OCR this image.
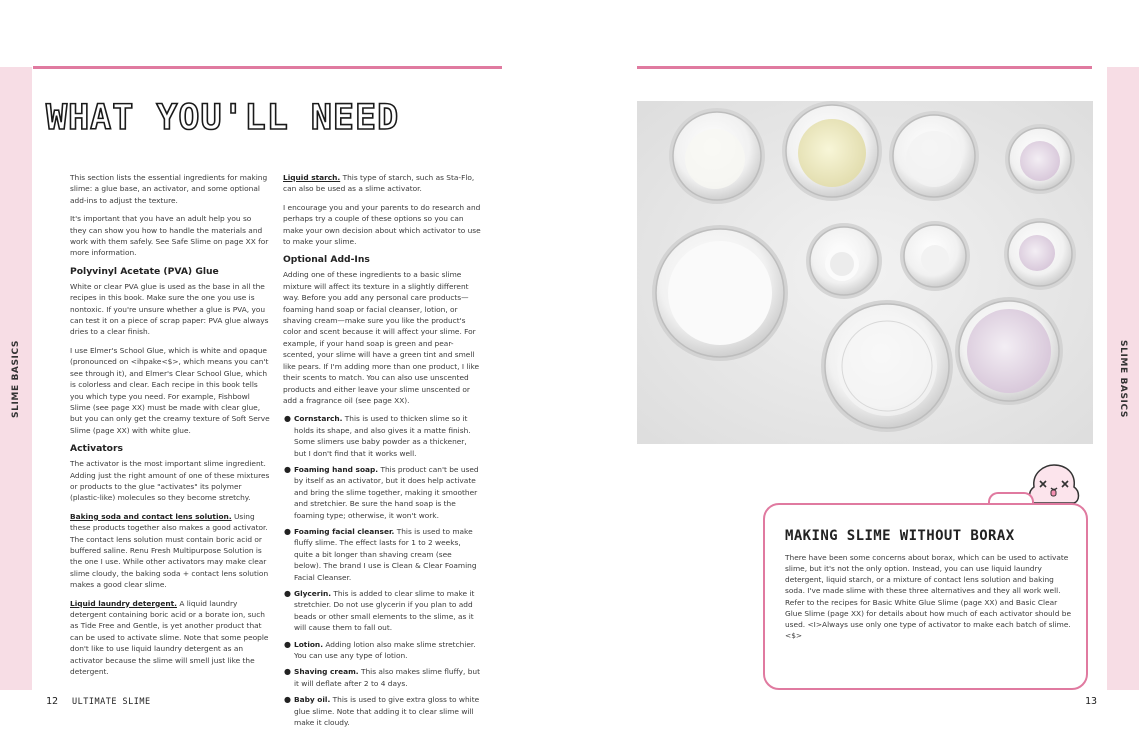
SLIME BASICS	SLIME BASICS
WHAT YOU'LL NEED

This section lists the essential ingredients for making slime: a glue base, an activator, and some optional add-ins to adjust the texture.

It's important that you have an adult help you so they can show you how to handle the materials and work with them safely. See Safe Slime on page XX for more information.

Polyvinyl Acetate (PVA) Glue

White or clear PVA glue is used as the base in all the recipes in this book. Make sure the one you use is nontoxic. If you're unsure whether a glue is PVA, you can test it on a piece of scrap paper: PVA glue always dries to a clear finish.

I use Elmer's School Glue, which is white and opaque (pronounced on <ihpake<$>, which means you can't see through it), and Elmer's Clear School Glue, which is colorless and clear. Each recipe in this book tells you which type you need. For example, Fishbowl Slime (see page XX) must be made with clear glue, but you can only get the creamy texture of Soft Serve Slime (page XX) with white glue.

Activators

The activator is the most important slime ingredient. Adding just the right amount of one of these mixtures or products to the glue "activates" its polymer (plastic-like) molecules so they become stretchy.

Baking soda and contact lens solution. Using these products together also makes a good activator. The contact lens solution must contain boric acid or buffered saline. Renu Fresh Multipurpose Solution is the one I use. While other activators may make clear slime cloudy, the baking soda + contact lens solution makes a good clear slime.

Liquid laundry detergent. A liquid laundry detergent containing boric acid or a borate ion, such as Tide Free and Gentle, is yet another product that can be used to activate slime. Note that some people don't like to use liquid laundry detergent as an activator because the slime will smell just like the detergent.

Liquid starch. This type of starch, such as Sta-Flo, can also be used as a slime activator.

I encourage you and your parents to do research and perhaps try a couple of these options so you can make your own decision about which activator to use to make your slime.

Optional Add-Ins

Adding one of these ingredients to a basic slime mixture will affect its texture in a slightly different way. Before you add any personal care products—foaming hand soap or facial cleanser, lotion, or shaving cream—make sure you like the product's color and scent because it will affect your slime. For example, if your hand soap is green and pear-scented, your slime will have a green tint and smell like pears. If I'm adding more than one product, I like their scents to match. You can also use unscented products and either leave your slime unscented or add a fragrance oil (see page XX).

● Cornstarch. This is used to thicken slime so it holds its shape, and also gives it a matte finish. Some slimers use baby powder as a thickener, but I don't find that it works well.
● Foaming hand soap. This product can't be used by itself as an activator, but it does help activate and bring the slime together, making it smoother and stretchier. Be sure the hand soap is the foaming type; otherwise, it won't work.
● Foaming facial cleanser. This is used to make fluffy slime. The effect lasts for 1 to 2 weeks, quite a bit longer than shaving cream (see below). The brand I use is Clean & Clear Foaming Facial Cleanser.
● Glycerin. This is added to clear slime to make it stretchier. Do not use glycerin if you plan to add beads or other small elements to the slime, as it will cause them to fall out.
● Lotion. Adding lotion also make slime stretchier. You can use any type of lotion.
● Shaving cream. This also makes slime fluffy, but it will deflate after 2 to 4 days.
● Baby oil. This is used to give extra gloss to white glue slime. Note that adding it to clear slime will make it cloudy.
MAKING SLIME WITHOUT BORAX

There have been some concerns about borax, which can be used to activate slime, but it's not the only option. Instead, you can use liquid laundry detergent, liquid starch, or a mixture of contact lens solution and baking soda. I've made slime with these three alternatives and they all work well.

Refer to the recipes for Basic White Glue Slime (page XX) and Basic Clear Glue Slime (page XX) for details about how much of each activator should be used. <I>Always use only one type of activator to make each batch of slime.<$>

12 ULTIMATE SLIME	13
